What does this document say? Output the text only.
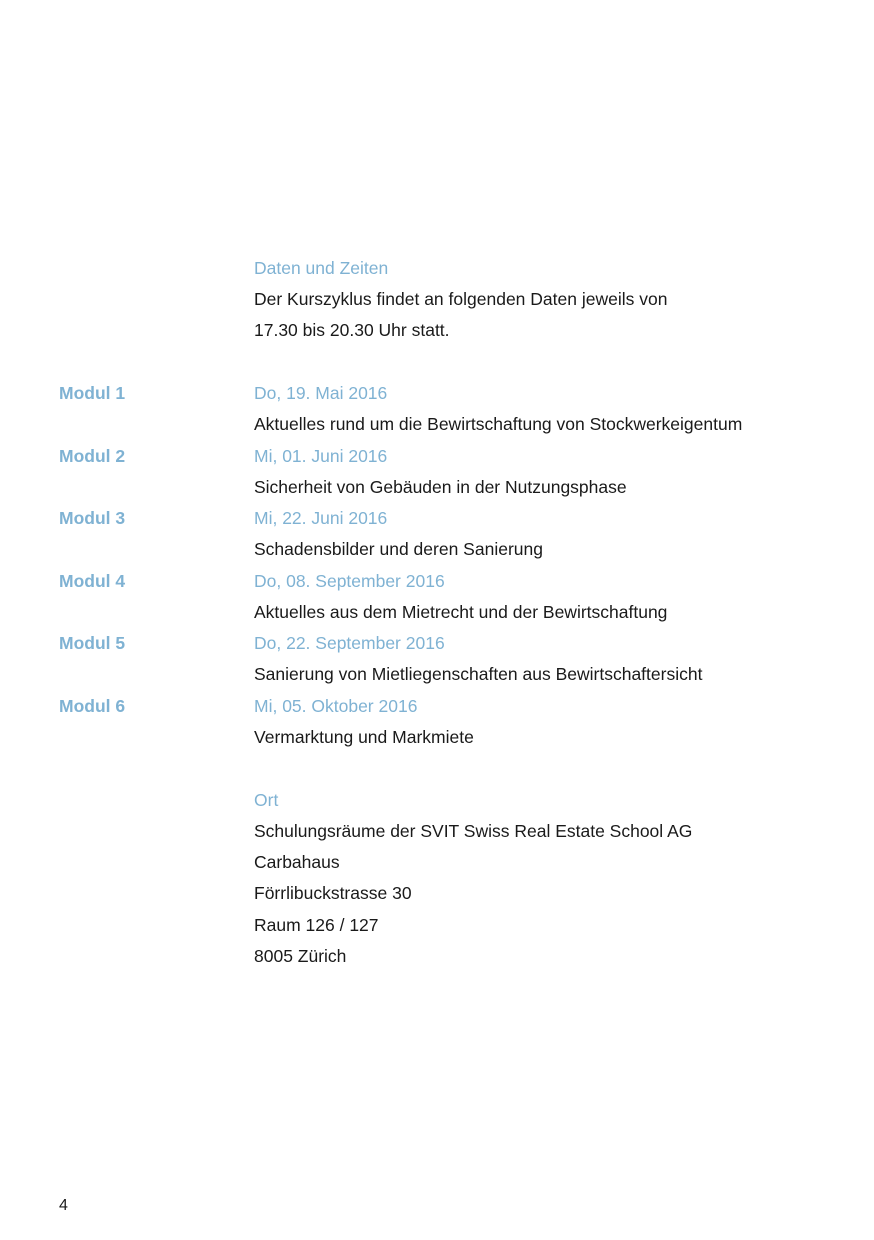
Daten und Zeiten
Der Kurszyklus findet an folgenden Daten jeweils von
17.30 bis 20.30 Uhr statt.
Modul 1	Do, 19. Mai 2016
Aktuelles rund um die Bewirtschaftung von Stockwerkeigentum
Modul 2	Mi, 01. Juni 2016
Sicherheit von Gebäuden in der Nutzungsphase
Modul 3	Mi, 22. Juni 2016
Schadensbilder und deren Sanierung
Modul 4	Do, 08. September 2016
Aktuelles aus dem Mietrecht und der Bewirtschaftung
Modul 5	Do, 22. September 2016
Sanierung von Mietliegenschaften aus Bewirtschaftersicht
Modul 6	Mi, 05. Oktober 2016
Vermarktung und Markmiete
Ort
Schulungsräume der SVIT Swiss Real Estate School AG
Carbahaus
Förrlibuckstrasse 30
Raum 126 / 127
8005 Zürich
4
